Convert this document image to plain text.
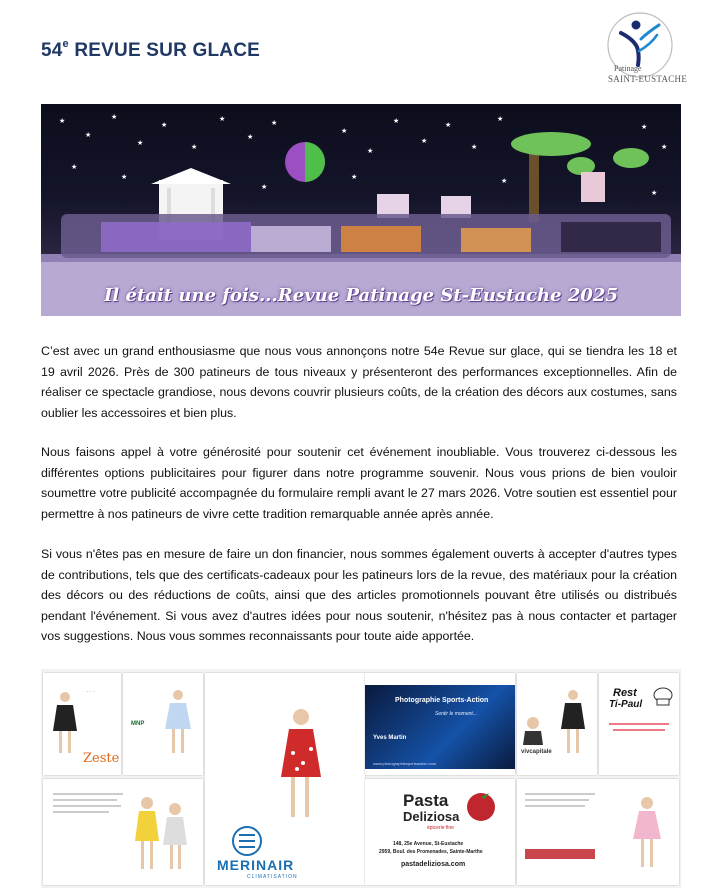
54e REVUE SUR GLACE
Patinage
SAINT-EUSTACHE
★
★
★
★
★
★
★
★
★
★
★
★
★
★
★
★
★
★
★
★
★
★
★
★
Il était une fois...Revue Patinage St-Eustache 2025
C’est avec un grand enthousiasme que nous vous annonçons notre 54e Revue sur glace, qui se tiendra les 18 et 19 avril 2026. Près de 300 patineurs de tous niveaux y présenteront des performances exceptionnelles. Afin de réaliser ce spectacle grandiose, nous devons couvrir plusieurs coûts, de la création des décors aux costumes, sans oublier les accessoires et bien plus.
Nous faisons appel à votre générosité pour soutenir cet événement inoubliable. Vous trouverez ci-dessous les différentes options publicitaires pour figurer dans notre programme souvenir. Nous vous prions de bien vouloir soumettre votre publicité accompagnée du formulaire rempli avant le 27 mars 2026. Votre soutien est essentiel pour permettre à nos patineurs de vivre cette tradition remarquable année après année.
Si vous n'êtes pas en mesure de faire un don financier, nous sommes également ouverts à accepter d'autres types de contributions, tels que des certificats-cadeaux pour les patineurs lors de la revue, des matériaux pour la création des décors ou des réductions de coûts, ainsi que des articles promotionnels pouvant être utilisés ou distribués pendant l'événement. Si vous avez d'autres idées pour nous soutenir, n'hésitez pas à nous contacter et partager vos suggestions. Nous vous sommes reconnaissants pour toute aide apportée.
· · ·
Zeste
MNP
MERINAIR
CLIMATISATION
Photographie Sports-Action
Sentir le moment...
Yves Martin
www.photographiesportsaction.com
vivcapitale
Rest
Ti-Paul
Pasta
Deliziosa
épicerie fine
148, 25e Avenue, St-Eustache
2959, Boul. des Promenades, Sainte-Marthe
pastadeliziosa.com
